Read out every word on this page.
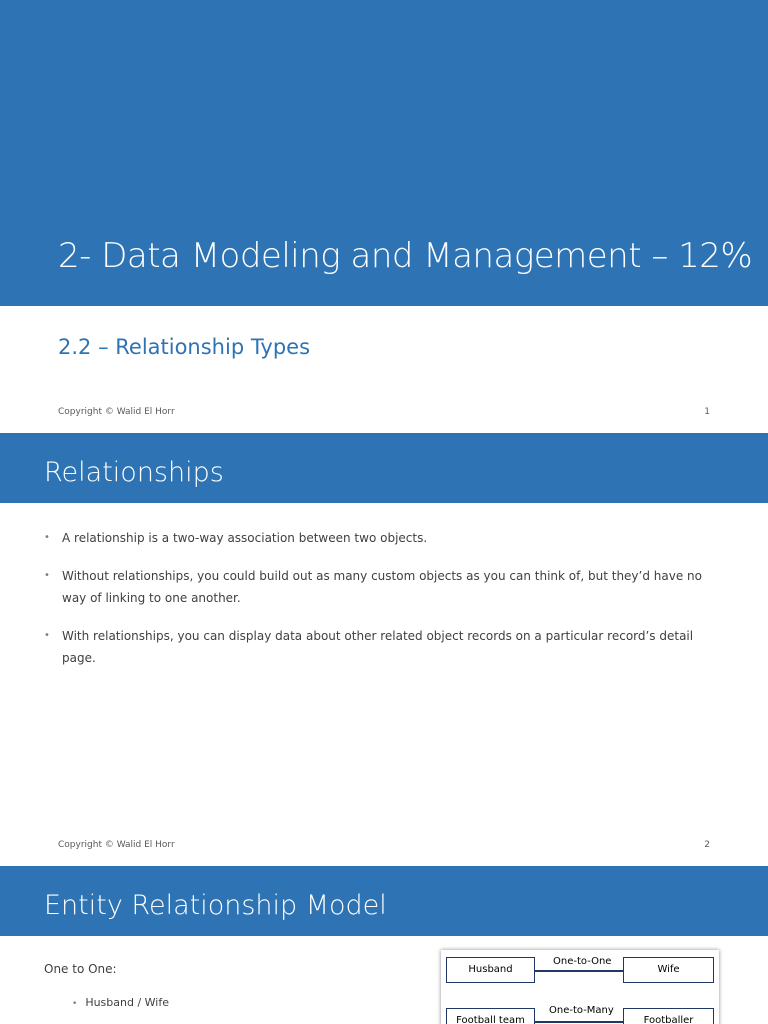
2- Data Modeling and Management – 12%
2.2 – Relationship Types
Copyright © Walid El Horr	1
Relationships
• A relationship is a two-way association between two objects.
• Without relationships, you could build out as many custom objects as you can think of, but they’d have no way of linking to one another.
• With relationships, you can display data about other related object records on a particular record’s detail page.
Copyright © Walid El Horr	2
Entity Relationship Model
One to One:
• Husband / Wife
Husband
One-to-One
Wife
Football team
One-to-Many
Footballer
